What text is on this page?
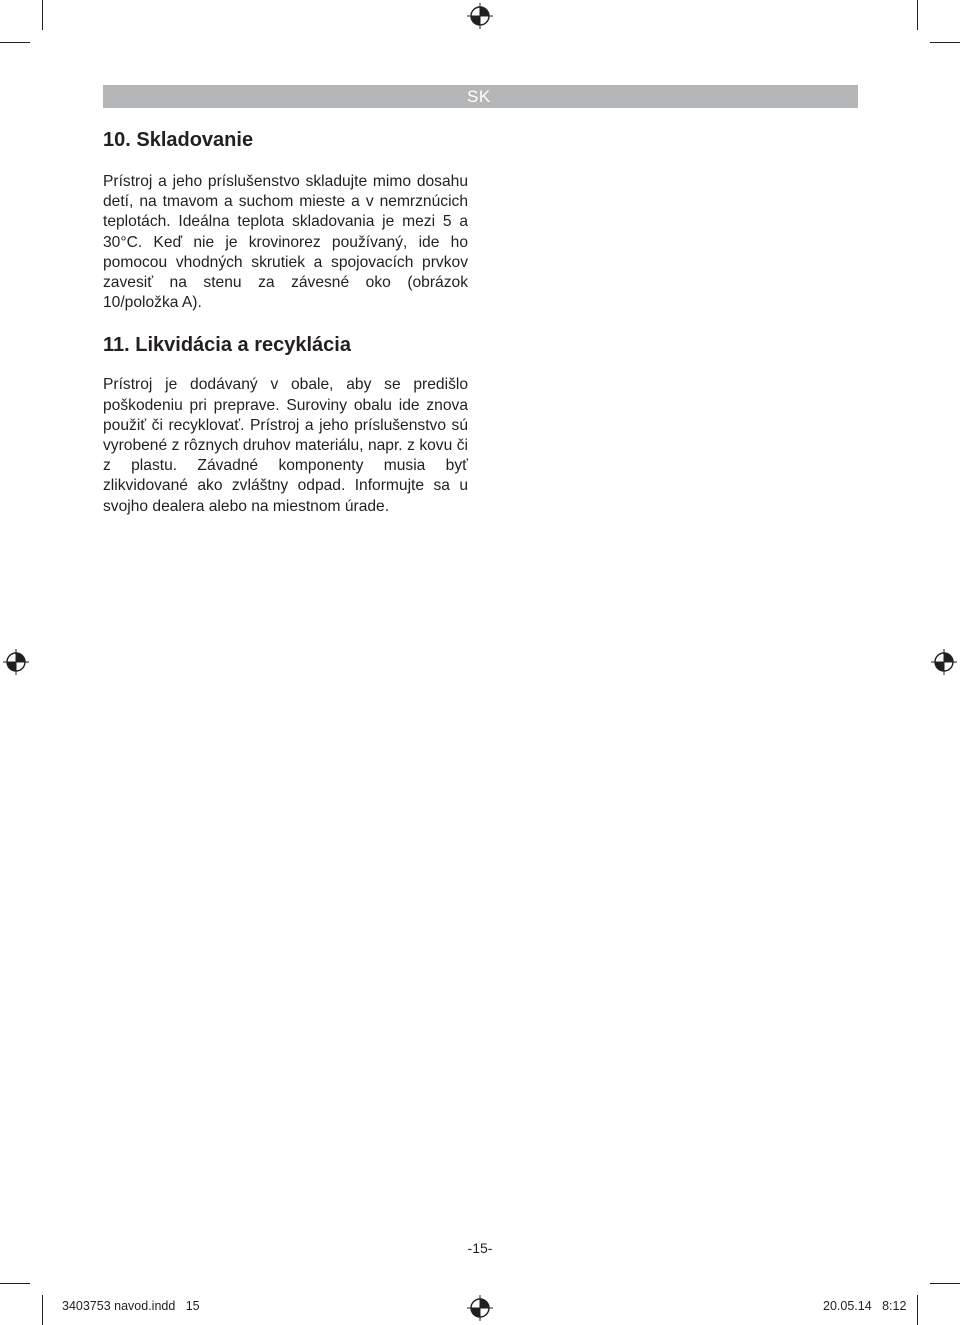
SK
10. Skladovanie

Prístroj a jeho príslušenstvo skladujte mimo dosahu detí, na tmavom a suchom mieste a v nemrznúcich teplotách. Ideálna teplota skladovania je mezi 5 a 30°C. Keď nie je krovinorez používaný, ide ho pomocou vhodných skrutiek a spojovacích prvkov zavesiť na stenu za závesné oko (obrázok 10/položka A).

11. Likvidácia a recyklácia

Prístroj je dodávaný v obale, aby se predišlo poškodeniu pri preprave. Suroviny obalu ide znova použiť či recyklovať. Prístroj a jeho príslušenstvo sú vyrobené z rôznych druhov materiálu, napr. z kovu či z plastu. Závadné komponenty musia byť zlikvidované ako zvláštny odpad. Informujte sa u svojho dealera alebo na miestnom úrade.

-15-
3403753 navod.indd   15	20.05.14   8:12
